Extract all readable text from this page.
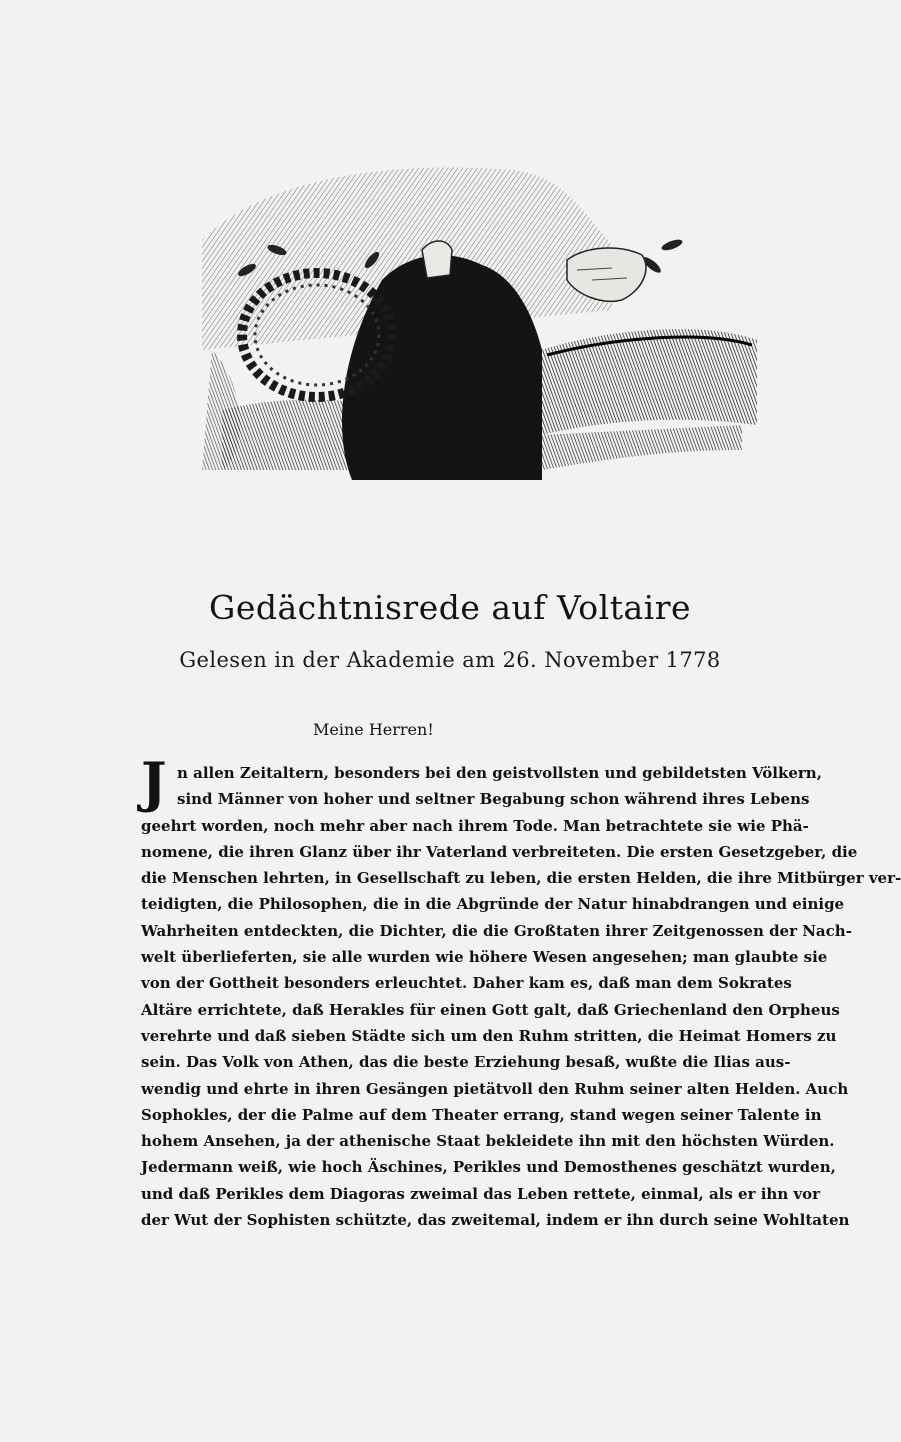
Gedächtnisrede auf Voltaire
Gelesen in der Akademie am 26. November 1778
Meine Herren!
J n allen Zeitaltern, besonders bei den geistvollsten und gebildetsten Völkern,
sind Männer von hoher und seltner Begabung schon während ihres Lebens
geehrt worden, noch mehr aber nach ihrem Tode. Man betrachtete sie wie Phä-
nomene, die ihren Glanz über ihr Vaterland verbreiteten. Die ersten Gesetzgeber, die
die Menschen lehrten, in Gesellschaft zu leben, die ersten Helden, die ihre Mitbürger ver-
teidigten, die Philosophen, die in die Abgründe der Natur hinabdrangen und einige
Wahrheiten entdeckten, die Dichter, die die Großtaten ihrer Zeitgenossen der Nach-
welt überlieferten, sie alle wurden wie höhere Wesen angesehen; man glaubte sie
von der Gottheit besonders erleuchtet. Daher kam es, daß man dem Sokrates
Altäre errichtete, daß Herakles für einen Gott galt, daß Griechenland den Orpheus
verehrte und daß sieben Städte sich um den Ruhm stritten, die Heimat Homers zu
sein. Das Volk von Athen, das die beste Erziehung besaß, wußte die Ilias aus-
wendig und ehrte in ihren Gesängen pietätvoll den Ruhm seiner alten Helden. Auch
Sophokles, der die Palme auf dem Theater errang, stand wegen seiner Talente in
hohem Ansehen, ja der athenische Staat bekleidete ihn mit den höchsten Würden.
Jedermann weiß, wie hoch Äschines, Perikles und Demosthenes geschätzt wurden,
und daß Perikles dem Diagoras zweimal das Leben rettete, einmal, als er ihn vor
der Wut der Sophisten schützte, das zweitemal, indem er ihn durch seine Wohltaten
